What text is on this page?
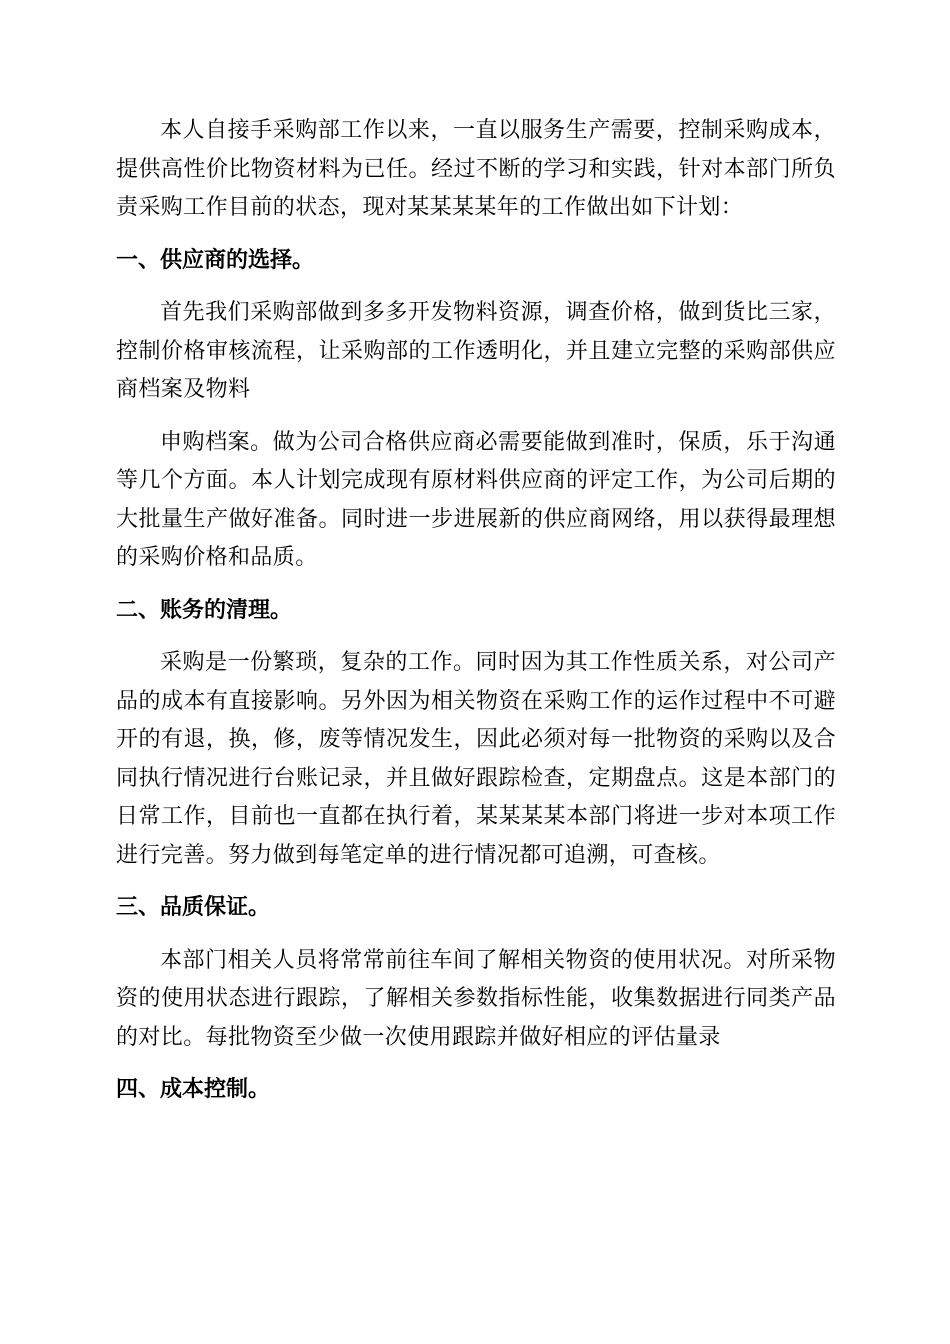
本人自接手采购部工作以来，一直以服务生产需要，控制采购成本，提供高性价比物资材料为已任。经过不断的学习和实践，针对本部门所负责采购工作目前的状态，现对某某某某年的工作做出如下计划：

一、供应商的选择。

首先我们采购部做到多多开发物料资源，调查价格，做到货比三家，控制价格审核流程，让采购部的工作透明化，并且建立完整的采购部供应商档案及物料

申购档案。做为公司合格供应商必需要能做到准时，保质，乐于沟通等几个方面。本人计划完成现有原材料供应商的评定工作，为公司后期的大批量生产做好准备。同时进一步进展新的供应商网络，用以获得最理想的采购价格和品质。

二、账务的清理。

采购是一份繁琐，复杂的工作。同时因为其工作性质关系，对公司产品的成本有直接影响。另外因为相关物资在采购工作的运作过程中不可避开的有退，换，修，废等情况发生，因此必须对每一批物资的采购以及合同执行情况进行台账记录，并且做好跟踪检查，定期盘点。这是本部门的日常工作，目前也一直都在执行着，某某某某本部门将进一步对本项工作进行完善。努力做到每笔定单的进行情况都可追溯，可查核。

三、品质保证。

本部门相关人员将常常前往车间了解相关物资的使用状况。对所采物资的使用状态进行跟踪，了解相关参数指标性能，收集数据进行同类产品的对比。每批物资至少做一次使用跟踪并做好相应的评估量录

四、成本控制。
